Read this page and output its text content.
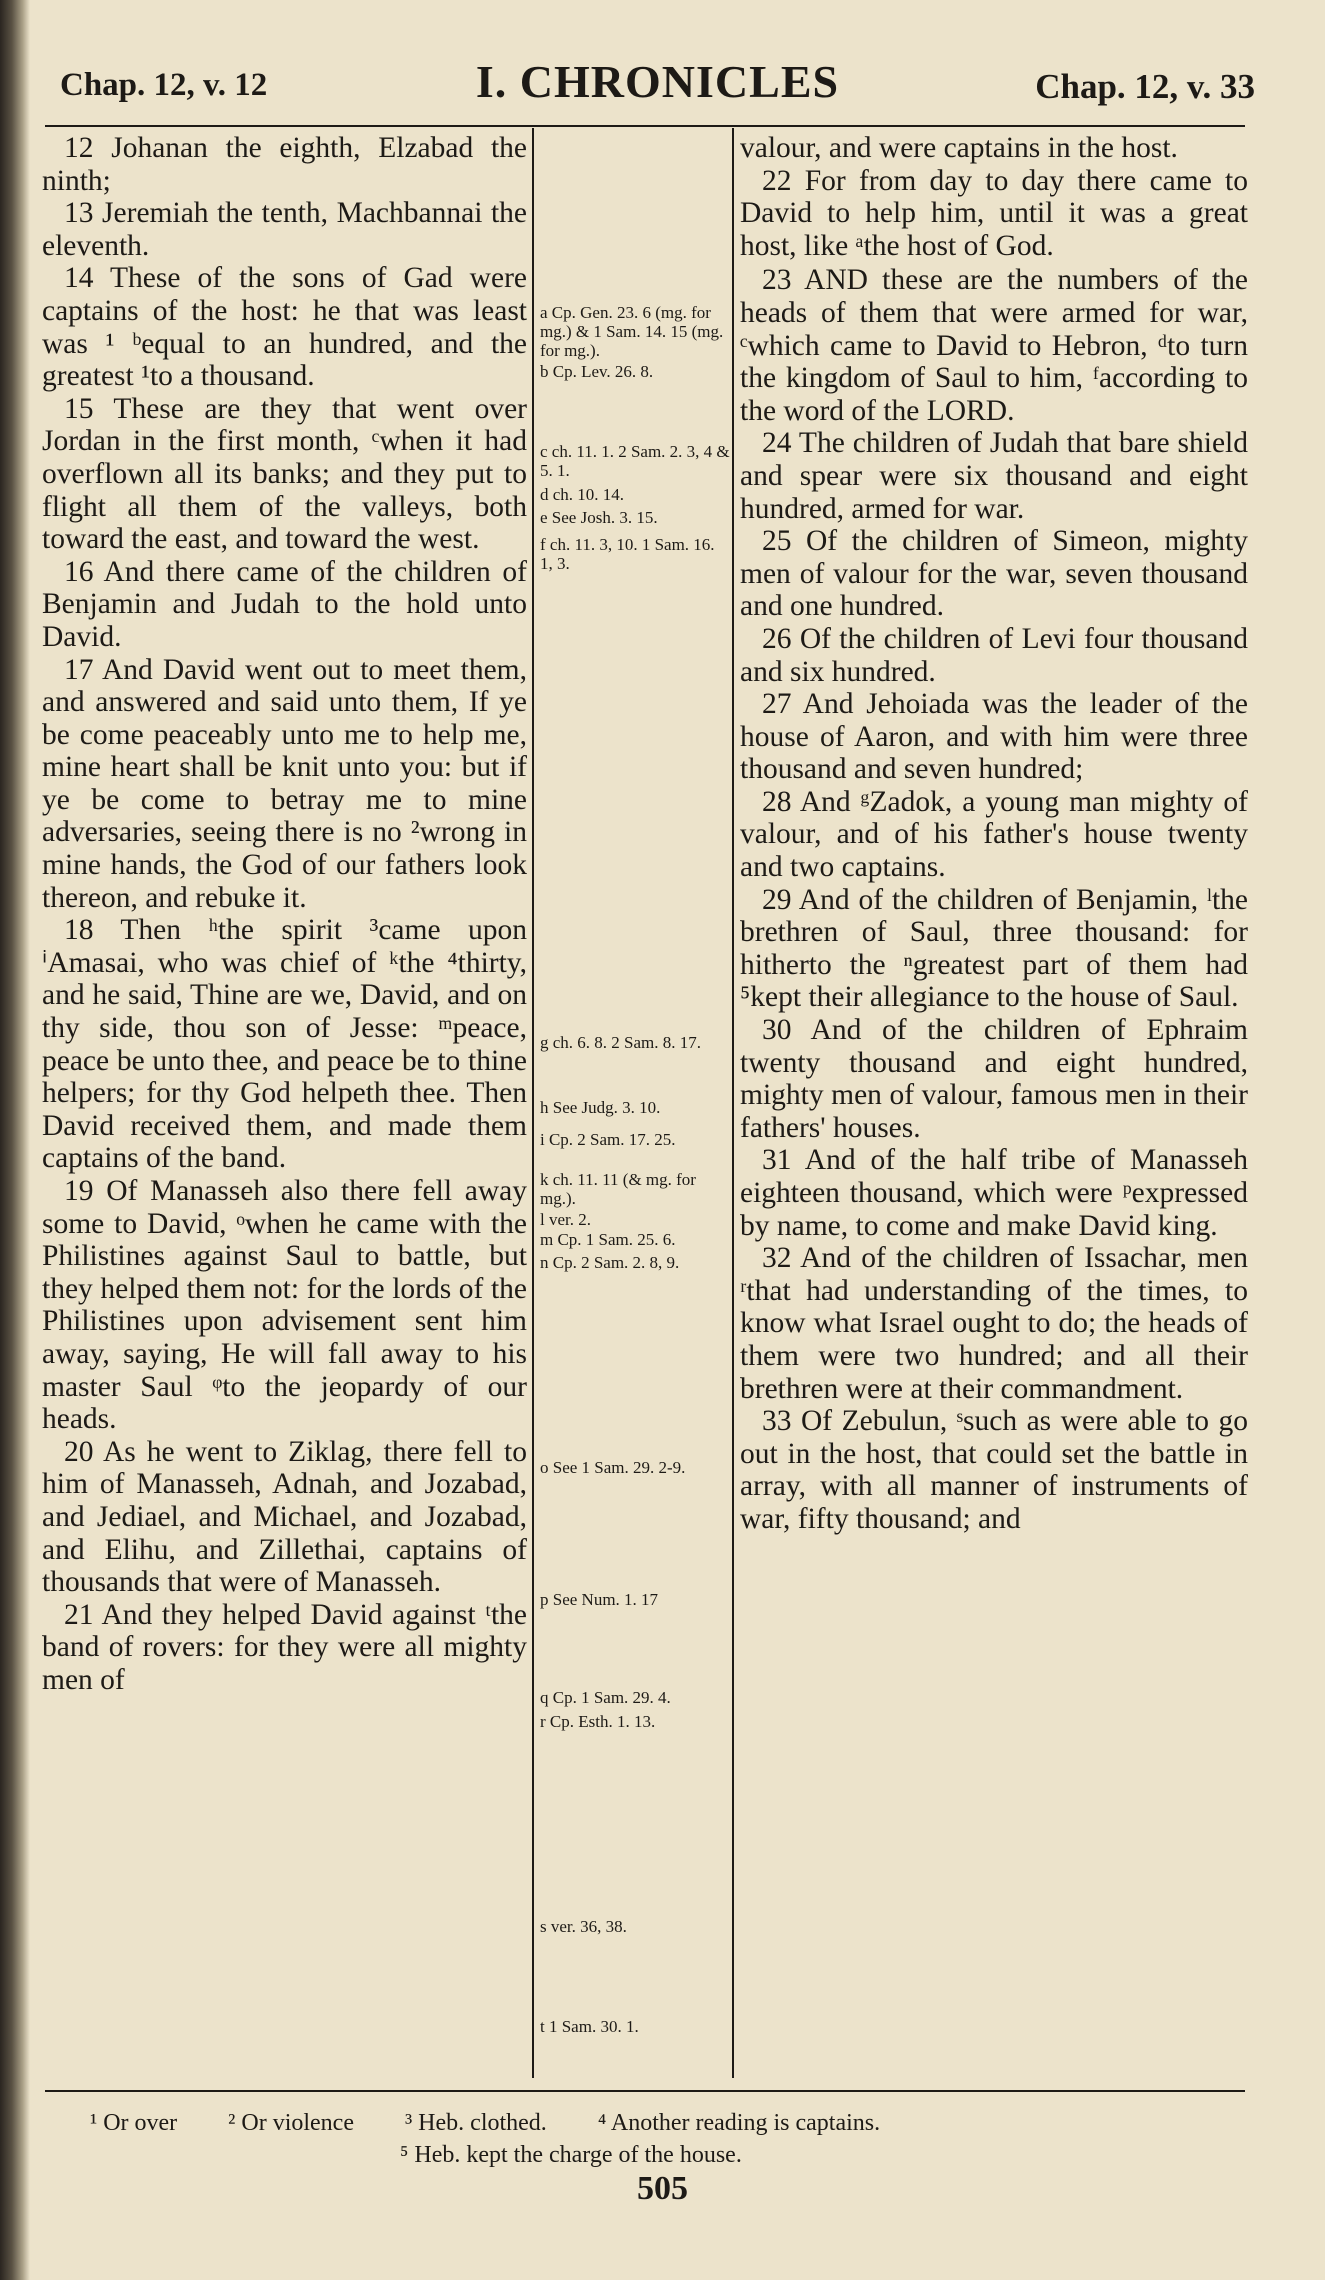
Chap. 12, v. 12	I. CHRONICLES	Chap. 12, v. 33

12 Johanan the eighth, Elzabad the ninth;

13 Jeremiah the tenth, Machbannai the eleventh.

14 These of the sons of Gad were captains of the host: he that was least was ¹ ᵇequal to an hundred, and the greatest ¹to a thousand.

15 These are they that went over Jordan in the first month, ᶜwhen it had overflown all its banks; and they put to flight all them of the valleys, both toward the east, and toward the west.

16 And there came of the children of Benjamin and Judah to the hold unto David.

17 And David went out to meet them, and answered and said unto them, If ye be come peaceably unto me to help me, mine heart shall be knit unto you: but if ye be come to betray me to mine adversaries, seeing there is no ²wrong in mine hands, the God of our fathers look thereon, and rebuke it.

18 Then ʰthe spirit ³came upon ⁱAmasai, who was chief of ᵏthe ⁴thirty, and he said, Thine are we, David, and on thy side, thou son of Jesse: ᵐpeace, peace be unto thee, and peace be to thine helpers; for thy God helpeth thee. Then David received them, and made them captains of the band.

19 Of Manasseh also there fell away some to David, ᵒwhen he came with the Philistines against Saul to battle, but they helped them not: for the lords of the Philistines upon advisement sent him away, saying, He will fall away to his master Saul ᵠto the jeopardy of our heads.

20 As he went to Ziklag, there fell to him of Manasseh, Adnah, and Jozabad, and Jediael, and Michael, and Jozabad, and Elihu, and Zillethai, captains of thousands that were of Manasseh.

21 And they helped David against ᵗthe band of rovers: for they were all mighty men of

a Cp. Gen. 23. 6 (mg. for mg.) & 1 Sam. 14. 15 (mg. for mg.).
b Cp. Lev. 26. 8.
c ch. 11. 1. 2 Sam. 2. 3, 4 & 5. 1.
d ch. 10. 14.
e See Josh. 3. 15.
f ch. 11. 3, 10. 1 Sam. 16. 1, 3.
g ch. 6. 8. 2 Sam. 8. 17.
h See Judg. 3. 10.
i Cp. 2 Sam. 17. 25.
k ch. 11. 11 (& mg. for mg.).
l ver. 2.
m Cp. 1 Sam. 25. 6.
n Cp. 2 Sam. 2. 8, 9.
o See 1 Sam. 29. 2-9.
p See Num. 1. 17
q Cp. 1 Sam. 29. 4.
r Cp. Esth. 1. 13.
s ver. 36, 38.
t 1 Sam. 30. 1.

valour, and were captains in the host.

22 For from day to day there came to David to help him, until it was a great host, like ᵃthe host of God.

23 AND these are the numbers of the heads of them that were armed for war, ᶜwhich came to David to Hebron, ᵈto turn the kingdom of Saul to him, ᶠaccording to the word of the LORD.

24 The children of Judah that bare shield and spear were six thousand and eight hundred, armed for war.

25 Of the children of Simeon, mighty men of valour for the war, seven thousand and one hundred.

26 Of the children of Levi four thousand and six hundred.

27 And Jehoiada was the leader of the house of Aaron, and with him were three thousand and seven hundred;

28 And ᵍZadok, a young man mighty of valour, and of his father's house twenty and two captains.

29 And of the children of Benjamin, ˡthe brethren of Saul, three thousand: for hitherto the ⁿgreatest part of them had ⁵kept their allegiance to the house of Saul.

30 And of the children of Ephraim twenty thousand and eight hundred, mighty men of valour, famous men in their fathers' houses.

31 And of the half tribe of Manasseh eighteen thousand, which were ᵖexpressed by name, to come and make David king.

32 And of the children of Issachar, men ʳthat had understanding of the times, to know what Israel ought to do; the heads of them were two hundred; and all their brethren were at their commandment.

33 Of Zebulun, ˢsuch as were able to go out in the host, that could set the battle in array, with all manner of instruments of war, fifty thousand; and

¹ Or over ² Or violence ³ Heb. clothed. ⁴ Another reading is captains.
⁵ Heb. kept the charge of the house.
505
